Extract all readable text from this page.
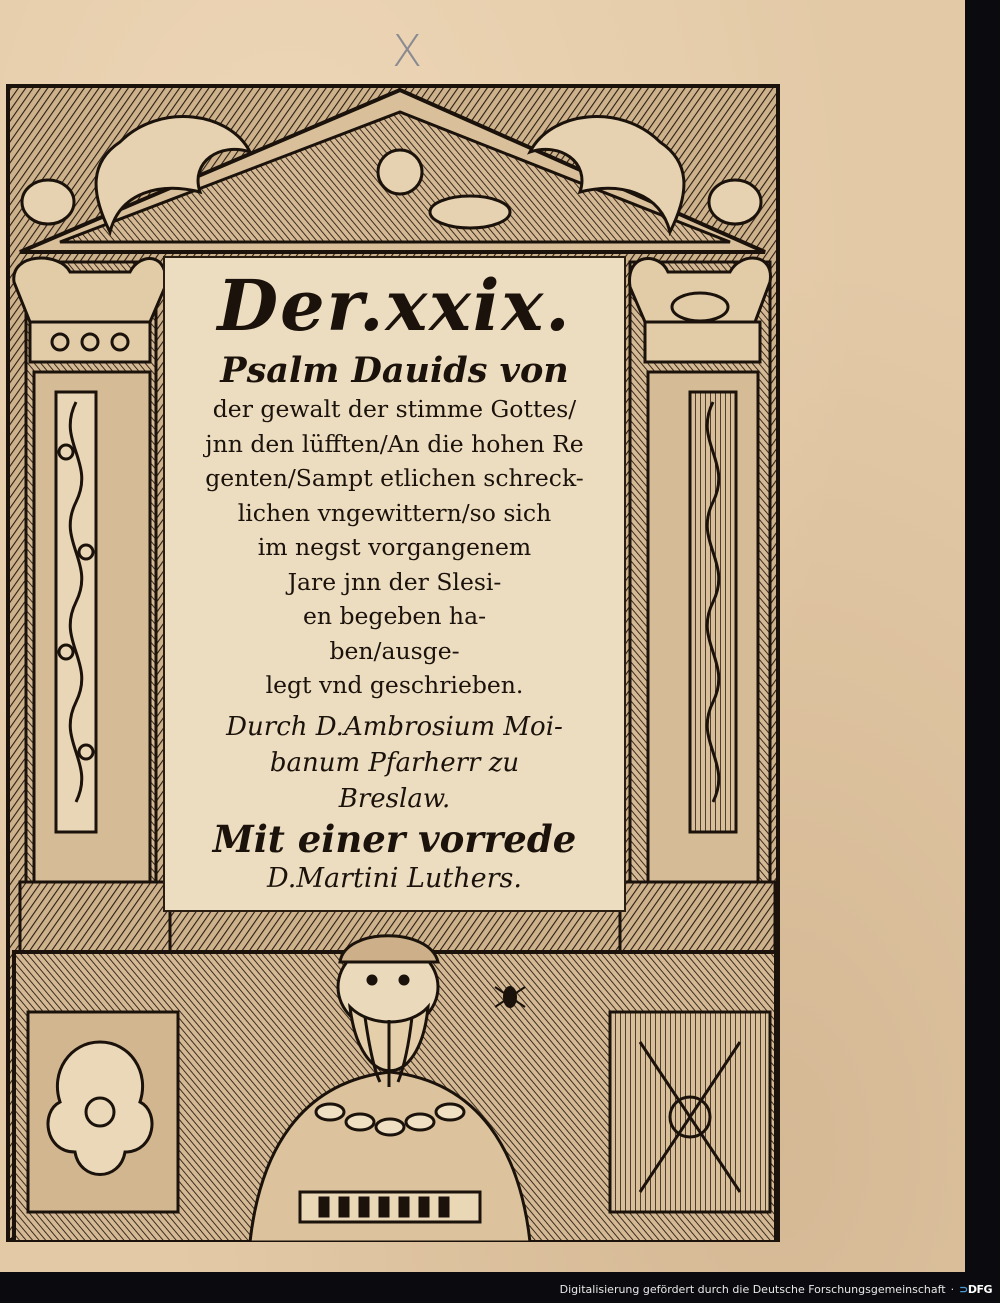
X
Der.xxix.
Psalm Dauids von
der gewalt der stimme Gottes/
jnn den lüfften/An die hohen Re
genten/Sampt etlichen schreck-
lichen vngewittern/so sich
im negst vorgangenem
Jare jnn der Slesi-
en begeben ha-
ben/ausge-
legt vnd geschrieben.
Durch D.Ambrosium Moi-
banum Pfarherr zu
Breslaw.
Mit einer vorrede
D.Martini Luthers.
Digitalisierung gefördert durch die Deutsche Forschungsgemeinschaft · ⊃DFG
